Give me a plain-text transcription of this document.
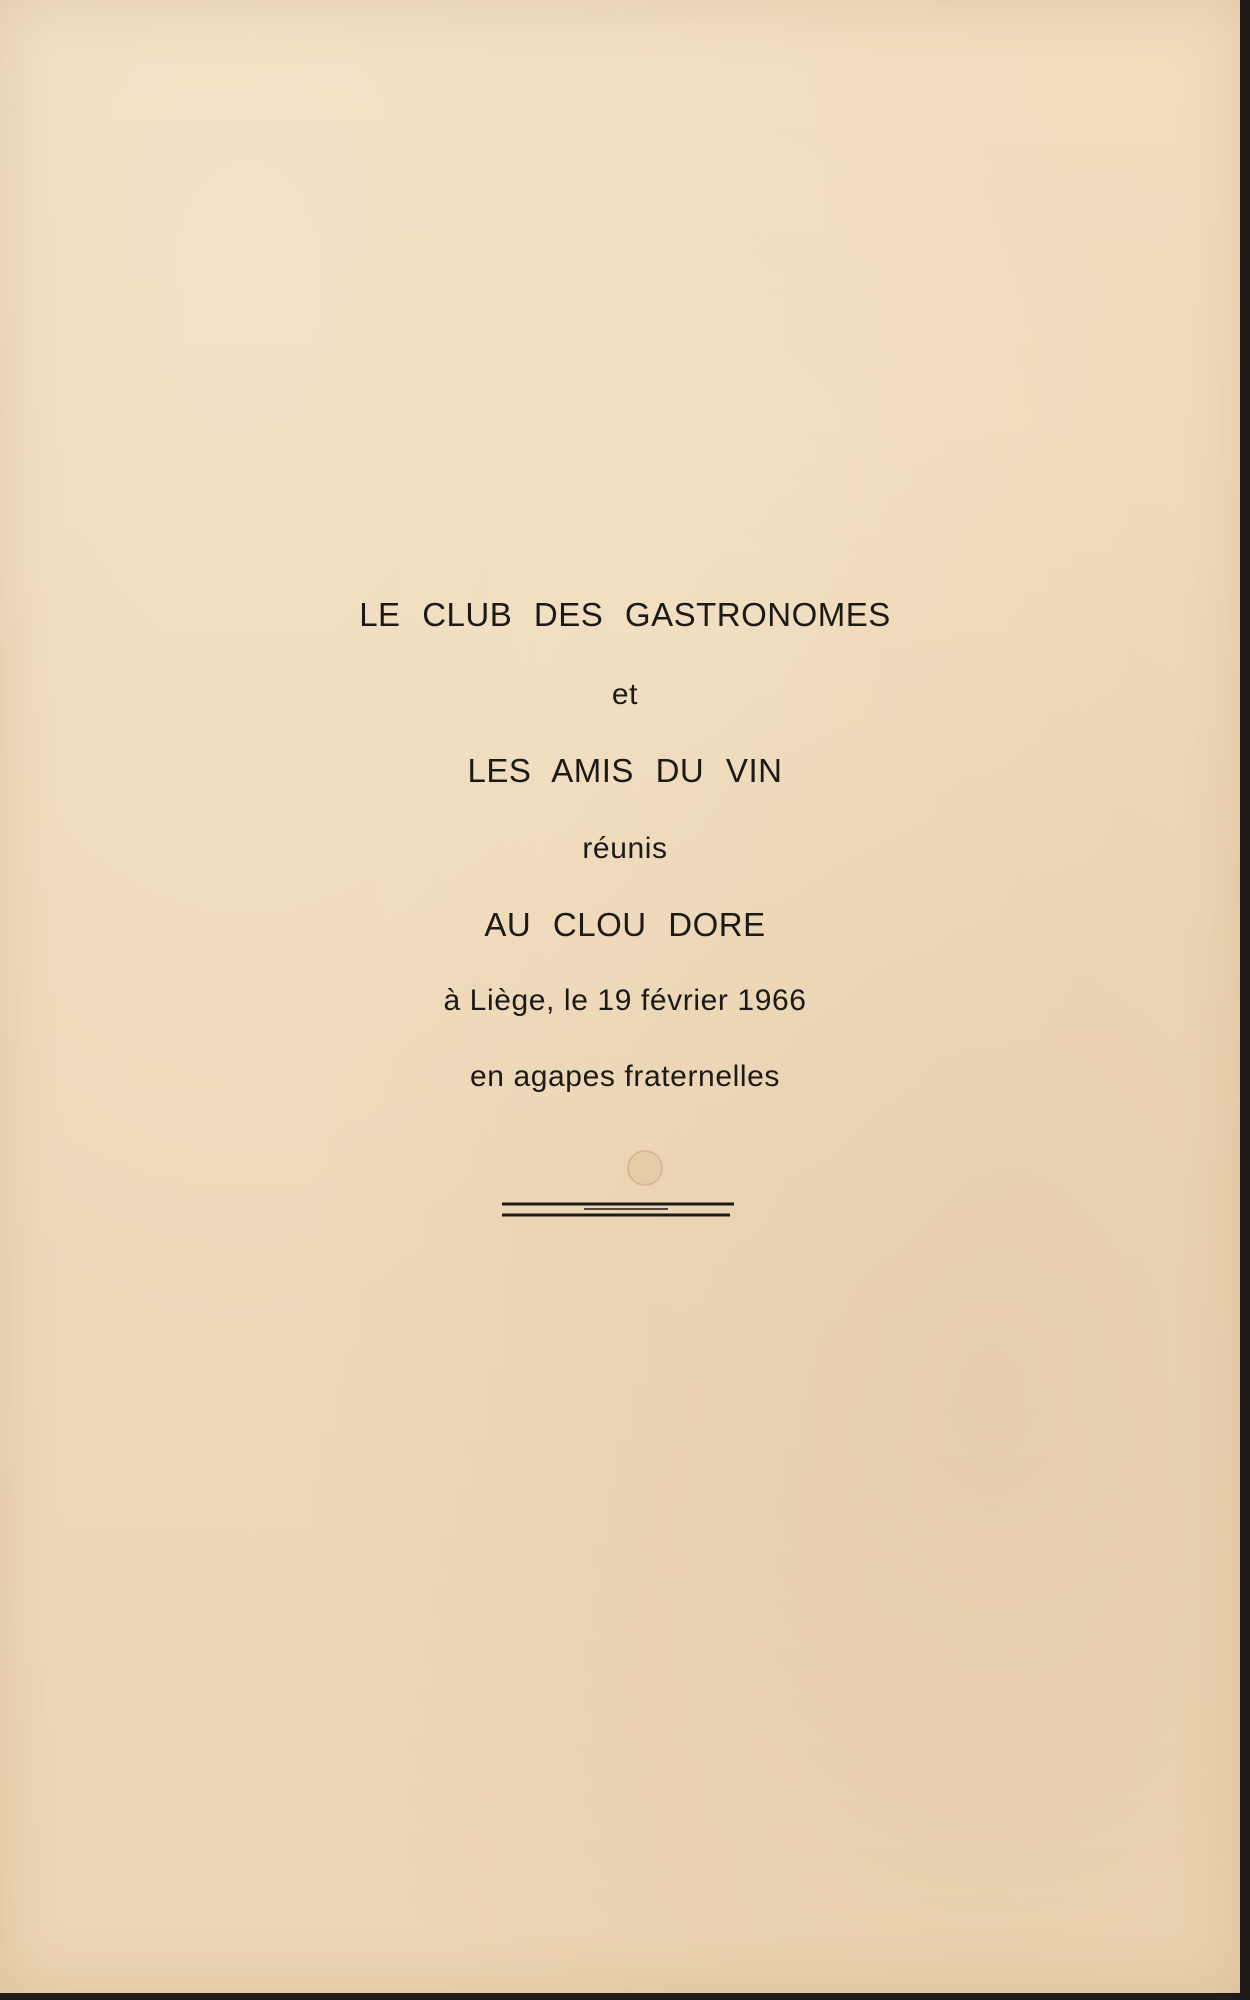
LE CLUB DES GASTRONOMES
et
LES AMIS DU VIN
réunis
AU CLOU DORE
à Liège, le 19 février 1966
en agapes fraternelles
